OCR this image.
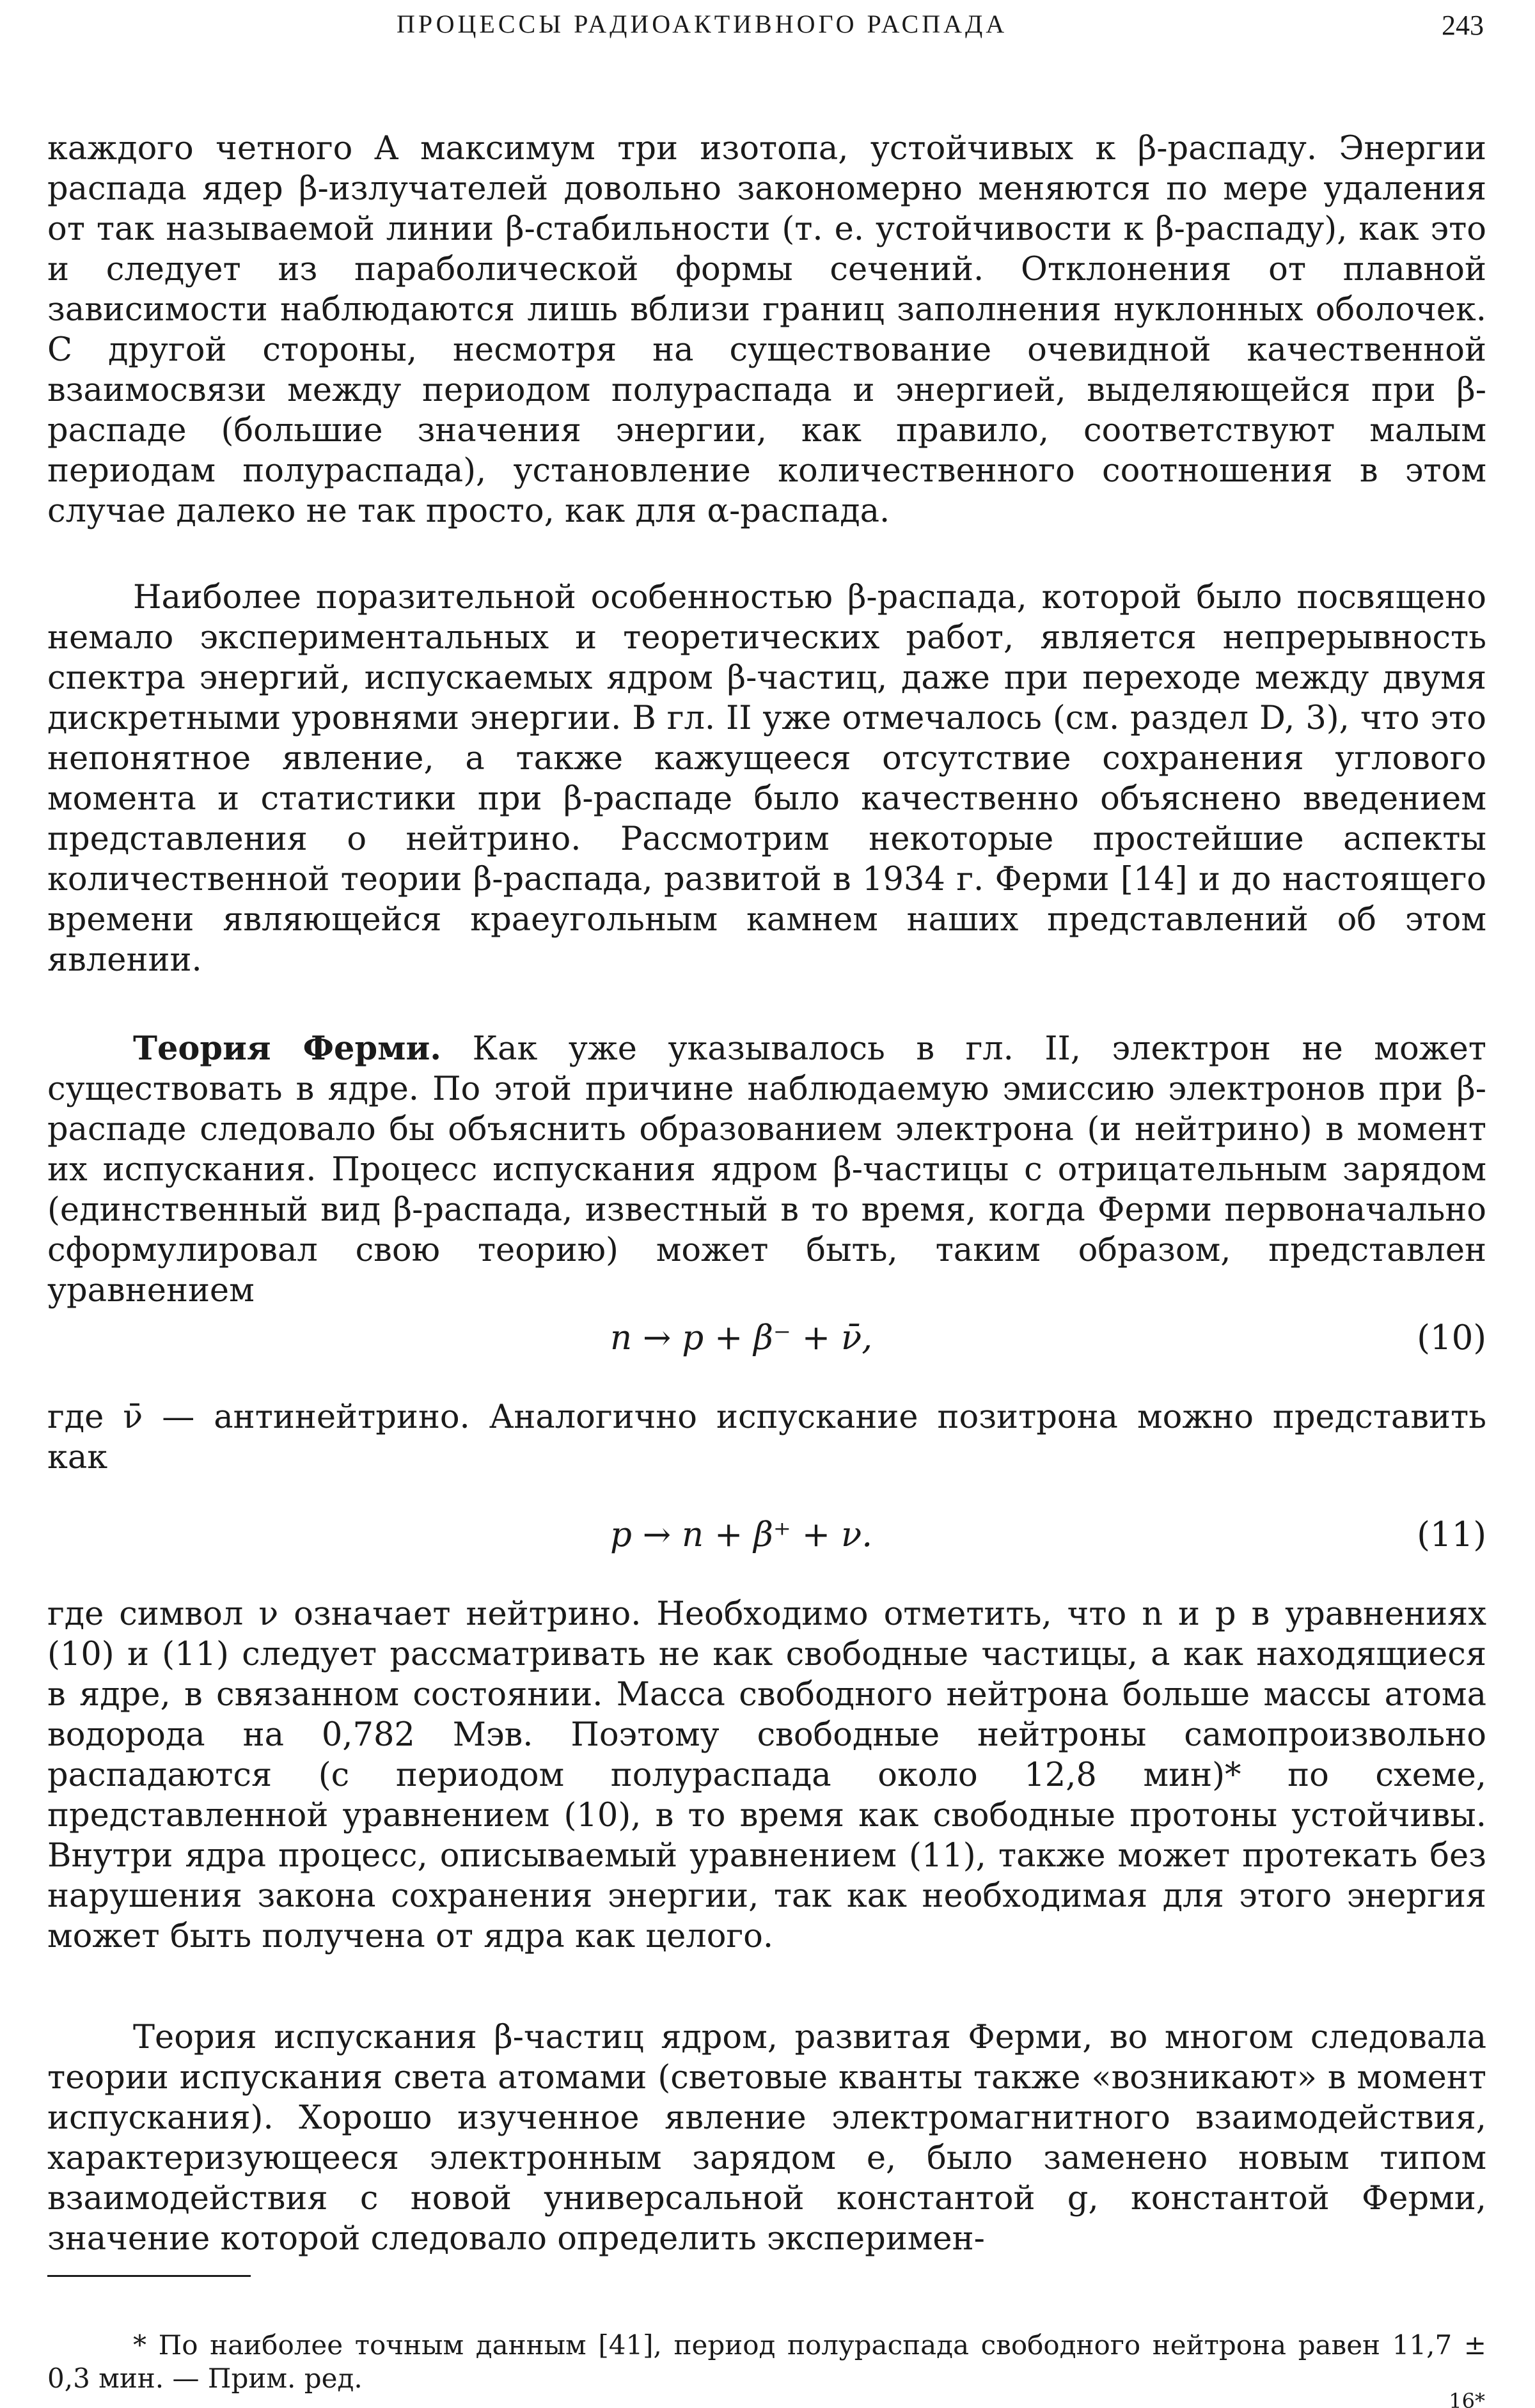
ПРОЦЕССЫ РАДИОАКТИВНОГО РАСПАДА	243

каждого четного A максимум три изотопа, устойчивых к β-распаду. Энергии распада ядер β-излучателей довольно закономерно меняются по мере удаления от так называемой линии β-стабильности (т. е. устойчивости к β-распаду), как это и следует из параболической формы сечений. Отклонения от плавной зависимости наблюдаются лишь вблизи границ заполнения нуклонных оболочек. С другой стороны, несмотря на существование очевидной качественной взаимосвязи между периодом полураспада и энергией, выделяющейся при β-распаде (большие значения энергии, как правило, соответствуют малым периодам полураспада), установление количественного соотношения в этом случае далеко не так просто, как для α-распада.

Наиболее поразительной особенностью β-распада, которой было посвящено немало экспериментальных и теоретических работ, является непрерывность спектра энергий, испускаемых ядром β-частиц, даже при переходе между двумя дискретными уровнями энергии. В гл. II уже отмечалось (см. раздел D, 3), что это непонятное явление, а также кажущееся отсутствие сохранения углового момента и статистики при β-распаде было качественно объяснено введением представления о нейтрино. Рассмотрим некоторые простейшие аспекты количественной теории β-распада, развитой в 1934 г. Ферми [14] и до настоящего времени являющейся краеугольным камнем наших представлений об этом явлении.

Теория Ферми. Как уже указывалось в гл. II, электрон не может существовать в ядре. По этой причине наблюдаемую эмиссию электронов при β-распаде следовало бы объяснить образованием электрона (и нейтрино) в момент их испускания. Процесс испускания ядром β-частицы с отрицательным зарядом (единственный вид β-распада, известный в то время, когда Ферми первоначально сформулировал свою теорию) может быть, таким образом, представлен уравнением

n → p + β⁻ + ν̄,	(10)

где ν̄ — антинейтрино. Аналогично испускание позитрона можно представить как

p → n + β⁺ + ν.	(11)

где символ ν означает нейтрино. Необходимо отметить, что n и p в уравнениях (10) и (11) следует рассматривать не как свободные частицы, а как находящиеся в ядре, в связанном состоянии. Масса свободного нейтрона больше массы атома водорода на 0,782 Мэв. Поэтому свободные нейтроны самопроизвольно распадаются (с периодом полураспада около 12,8 мин)* по схеме, представленной уравнением (10), в то время как свободные протоны устойчивы. Внутри ядра процесс, описываемый уравнением (11), также может протекать без нарушения закона сохранения энергии, так как необходимая для этого энергия может быть получена от ядра как целого.

Теория испускания β-частиц ядром, развитая Ферми, во многом следовала теории испускания света атомами (световые кванты также «возникают» в момент испускания). Хорошо изученное явление электромагнитного взаимодействия, характеризующееся электронным зарядом e, было заменено новым типом взаимодействия с новой универсальной константой g, константой Ферми, значение которой следовало определить эксперимен-

* По наиболее точным данным [41], период полураспада свободного нейтрона равен 11,7 ± 0,3 мин. — Прим. ред.

16*
